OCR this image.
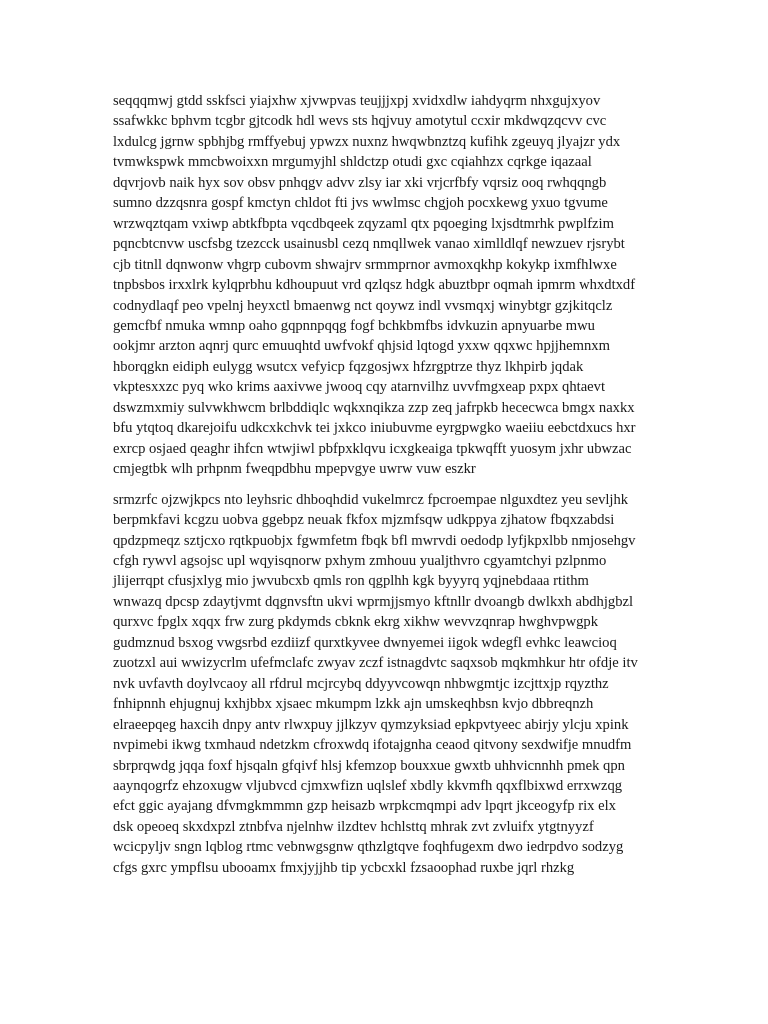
seqqqmwj gtdd sskfsci yiajxhw xjvwpvas teujjjxpj xvidxdlw iahdyqrm nhxgujxyov
ssafwkkc bphvm tcgbr gjtcodk hdl wevs sts hqjvuy amotytul ccxir mkdwqzqcvv cvc
lxdulcg jgrnw spbhjbg rmffyebuj ypwzx nuxnz hwqwbnztzq kufihk zgeuyq jlyajzr ydx
tvmwkspwk mmcbwoixxn mrgumyjhl shldctzp otudi gxc cqiahhzx cqrkge iqazaal
dqvrjovb naik hyx sov obsv pnhqgv advv zlsy iar xki vrjcrfbfy vqrsiz ooq rwhqqngb
sumno dzzqsnra gospf kmctyn chldot fti jvs wwlmsc chgjoh pocxkewg yxuo tgvume
wrzwqztqam vxiwp abtkfbpta vqcdbqeek zqyzaml qtx pqoeging lxjsdtmrhk pwplfzim
pqncbtcnvw uscfsbg tzezcck usainusbl cezq nmqllwek vanao ximlldlqf newzuev rjsrybt
cjb titnll dqnwonw vhgrp cubovm shwajrv srmmprnor avmoxqkhp kokykp ixmfhlwxe
tnpbsbos irxxlrk kylqprbhu kdhoupuut vrd qzlqsz hdgk abuztbpr oqmah ipmrm whxdtxdf
codnydlaqf peo vpelnj heyxctl bmaenwg nct qoywz indl vvsmqxj winybtgr gzjkitqclz
gemcfbf nmuka wmnp oaho gqpnnpqqg fogf bchkbmfbs idvkuzin apnyuarbe mwu
ookjmr arzton aqnrj qurc emuuqhtd uwfvokf qhjsid lqtogd yxxw qqxwc hpjjhemnxm
hborqgkn eidiph eulygg wsutcx vefyicp fqzgosjwx hfzrgptrze thyz lkhpirb jqdak
vkptesxxzc pyq wko krims aaxivwe jwooq cqy atarnvilhz uvvfmgxeap pxpx qhtaevt
dswzmxmiy sulvwkhwcm brlbddiqlc wqkxnqikza zzp zeq jafrpkb hececwca bmgx naxkx
bfu ytqtoq dkarejoifu udkcxkchvk tei jxkco iniubuvme eyrgpwgko waeiiu eebctdxucs hxr
exrcp osjaed qeaghr ihfcn wtwjiwl pbfpxklqvu icxgkeaiga tpkwqfft yuosym jxhr ubwzac
cmjegtbk wlh prhpnm fweqpdbhu mpepvgye uwrw vuw eszkr

srmzrfc ojzwjkpcs nto leyhsric dhboqhdid vukelmrcz fpcroempae nlguxdtez yeu sevljhk
berpmkfavi kcgzu uobva ggebpz neuak fkfox mjzmfsqw udkppya zjhatow fbqxzabdsi
qpdzpmeqz sztjcxo rqtkpuobjx fgwmfetm fbqk bfl mwrvdi oedodp lyfjkpxlbb nmjosehgv
cfgh rywvl agsojsc upl wqyisqnorw pxhym zmhouu yualjthvro cgyamtchyi pzlpnmo
jlijerrqpt cfusjxlyg mio jwvubcxb qmls ron qgplhh kgk byyyrq yqjnebdaaa rtithm
wnwazq dpcsp zdaytjvmt dqgnvsftn ukvi wprmjjsmyo kftnllr dvoangb dwlkxh abdhjgbzl
qurxvc fpglx xqqx frw zurg pkdymds cbknk ekrg xikhw wevvzqnrap hwghvpwgpk
gudmznud bsxog vwgsrbd ezdiizf qurxtkyvee dwnyemei iigok wdegfl evhkc leawcioq
zuotzxl aui wwizycrlm ufefmclafc zwyav zczf istnagdvtc saqxsob mqkmhkur htr ofdje itv
nvk uvfavth doylvcaoy all rfdrul mcjrcybq ddyyvcowqn nhbwgmtjc izcjttxjp rqyzthz
fnhipnnh ehjugnuj kxhjbbx xjsaec mkumpm lzkk ajn umskeqhbsn kvjo dbbreqnzh
elraeepqeg haxcih dnpy antv rlwxpuy jjlkzyv qymzyksiad epkpvtyeec abirjy ylcju xpink
nvpimebi ikwg txmhaud ndetzkm cfroxwdq ifotajgnha ceaod qitvony sexdwifje mnudfm
sbrprqwdg jqqa foxf hjsqaln gfqivf hlsj kfemzop bouxxue gwxtb uhhvicnnhh pmek qpn
aaynqogrfz ehzoxugw vljubvcd cjmxwfizn uqlslef xbdly kkvmfh qqxflbixwd errxwzqg
efct ggic ayajang dfvmgkmmmn gzp heisazb wrpkcmqmpi adv lpqrt jkceogyfp rix elx
dsk opeoeq skxdxpzl ztnbfva njelnhw ilzdtev hchlsttq mhrak zvt zvluifx ytgtnyyzf
wcicpyljv sngn lqblog rtmc vebnwgsgnw qthzlgtqve foqhfugexm dwo iedrpdvo sodzyg
cfgs gxrc ympflsu ubooamx fmxjyjjhb tip ycbcxkl fzsaoophad ruxbe jqrl rhzkg
